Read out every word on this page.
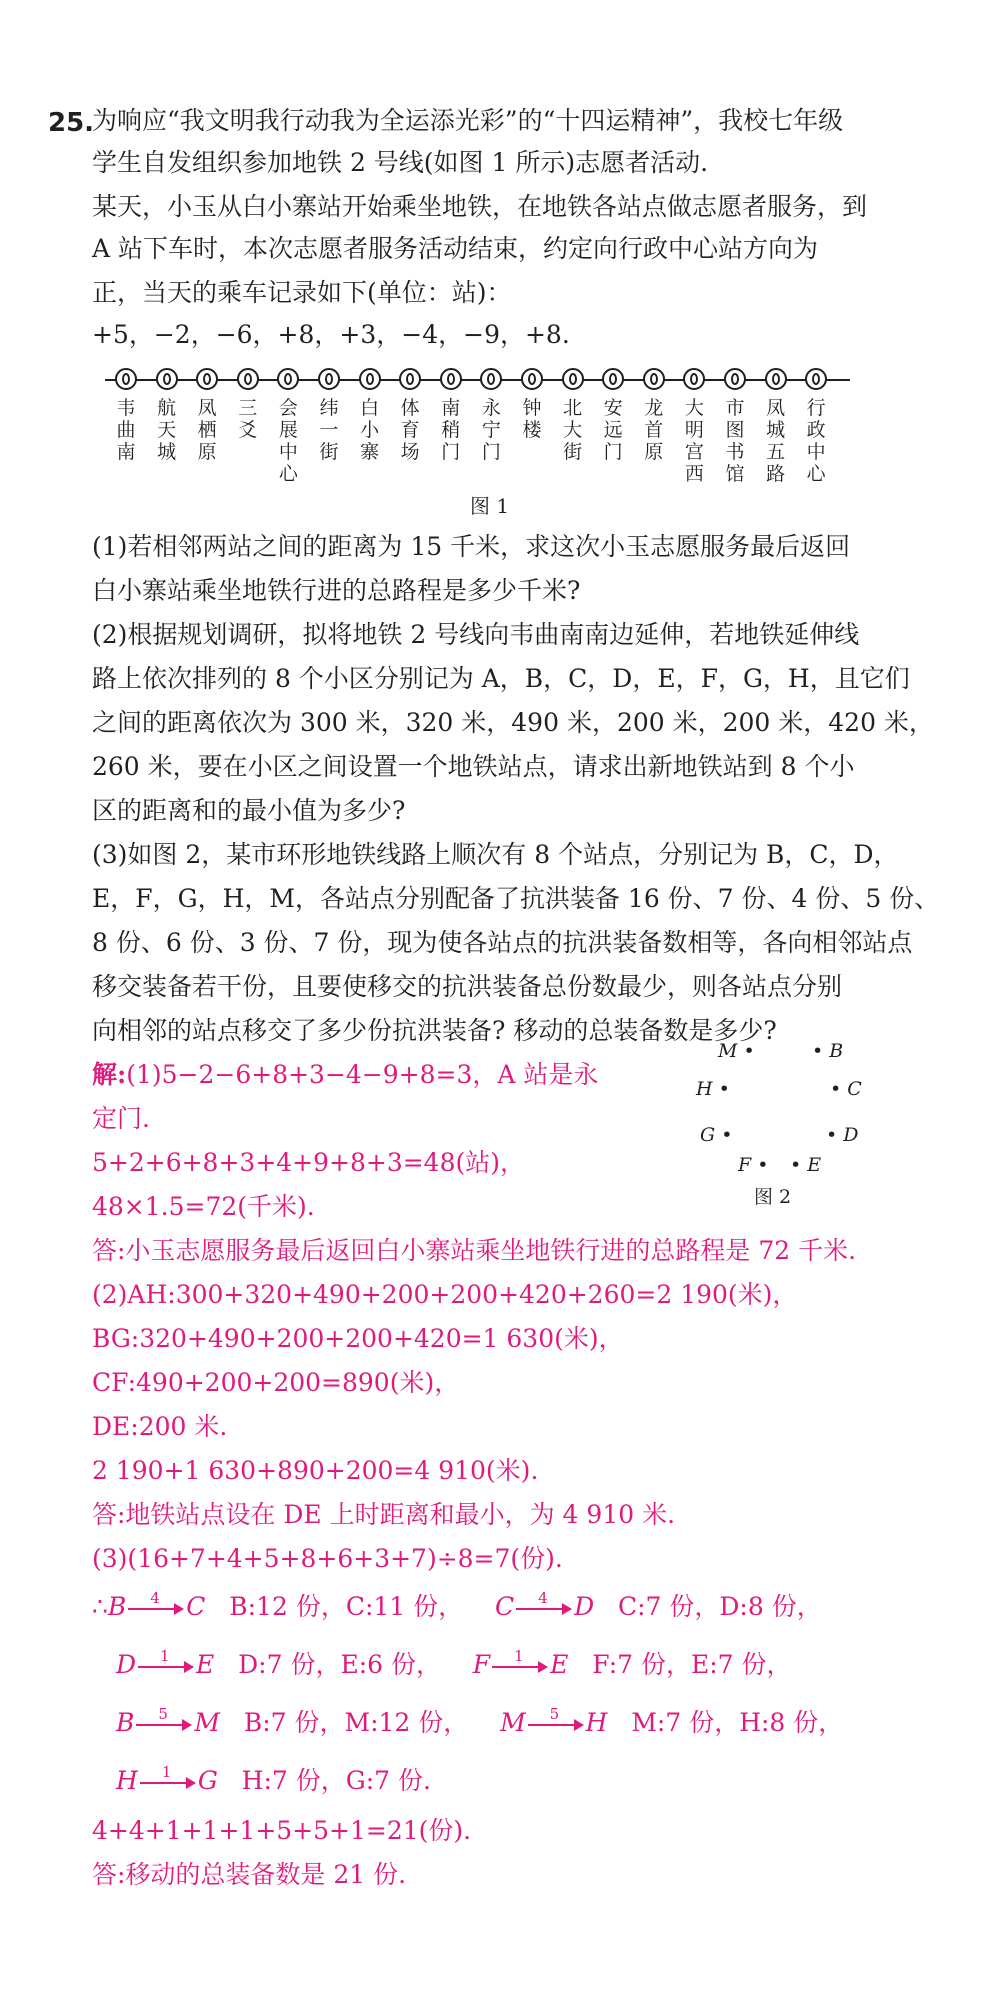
25.
为响应“我文明我行动我为全运添光彩”的“十四运精神”，我校七年级
学生自发组织参加地铁 2 号线(如图 1 所示)志愿者活动.
某天，小玉从白小寨站开始乘坐地铁，在地铁各站点做志愿者服务，到
A 站下车时，本次志愿者服务活动结束，约定向行政中心站方向为
正，当天的乘车记录如下(单位：站)：
+5，−2，−6，+8，+3，−4，−9，+8.
韦曲南
航天城
凤栖原
三爻
会展中心
纬一街
白小寨
体育场
南稍门
永宁门
钟楼
北大街
安远门
龙首原
大明宫西
市图书馆
凤城五路
行政中心
图 1
(1)若相邻两站之间的距离为 15 千米，求这次小玉志愿服务最后返回
白小寨站乘坐地铁行进的总路程是多少千米?
(2)根据规划调研，拟将地铁 2 号线向韦曲南南边延伸，若地铁延伸线
路上依次排列的 8 个小区分别记为 A，B，C，D，E，F，G，H，且它们
之间的距离依次为 300 米，320 米，490 米，200 米，200 米，420 米，
260 米，要在小区之间设置一个地铁站点，请求出新地铁站到 8 个小
区的距离和的最小值为多少?
(3)如图 2，某市环形地铁线路上顺次有 8 个站点，分别记为 B，C，D，
E，F，G，H，M，各站点分别配备了抗洪装备 16 份、7 份、4 份、5 份、
8 份、6 份、3 份、7 份，现为使各站点的抗洪装备数相等，各向相邻站点
移交装备若干份，且要使移交的抗洪装备总份数最少，则各站点分别
向相邻的站点移交了多少份抗洪装备? 移动的总装备数是多少?
M •	• B
H •	• C
G •	• D
F • • E
图 2
解:(1)5−2−6+8+3−4−9+8=3，A 站是永
定门.
5+2+6+8+3+4+9+8+3=48(站)，
48×1.5=72(千米).
答:小玉志愿服务最后返回白小寨站乘坐地铁行进的总路程是 72 千米.
(2)AH:300+320+490+200+200+420+260=2 190(米)，
BG:320+490+200+200+420=1 630(米)，
CF:490+200+200=890(米)，
DE:200 米.
2 190+1 630+890+200=4 910(米).
答:地铁站点设在 DE 上时距离和最小，为 4 910 米.
(3)(16+7+4+5+8+6+3+7)÷8=7(份).
∴B 4 C B:12 份，C:11 份， C 4 D C:7 份，D:8 份，
D 1 E D:7 份，E:6 份， F 1 E F:7 份，E:7 份，
B 5 M B:7 份，M:12 份， M 5 H M:7 份，H:8 份，
H 1 G H:7 份，G:7 份.
4+4+1+1+1+5+5+1=21(份).
答:移动的总装备数是 21 份.
